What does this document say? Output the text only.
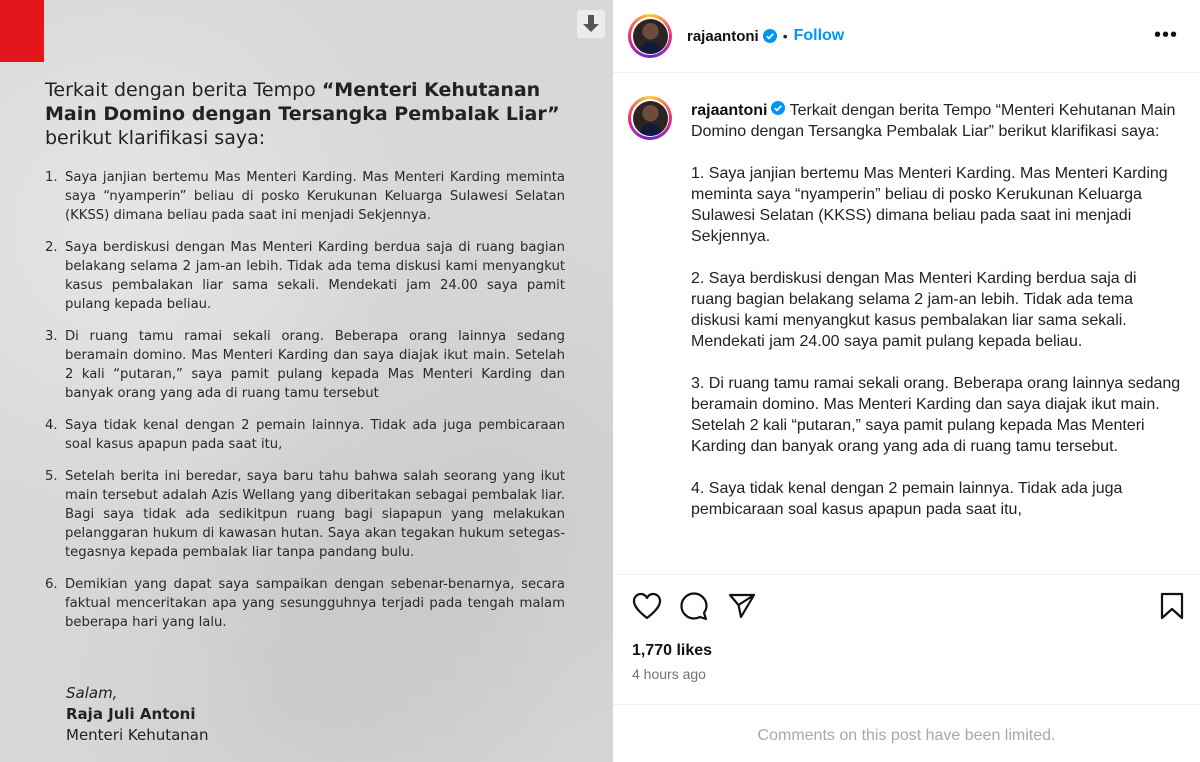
Terkait dengan berita Tempo “Menteri Kehutanan Main Domino dengan Tersangka Pembalak Liar” berikut klarifikasi saya:
1. Saya janjian bertemu Mas Menteri Karding. Mas Menteri Karding meminta saya “nyamperin” beliau di posko Kerukunan Keluarga Sulawesi Selatan (KKSS) dimana beliau pada saat ini menjadi Sekjennya.
2. Saya berdiskusi dengan Mas Menteri Karding berdua saja di ruang bagian belakang selama 2 jam-an lebih. Tidak ada tema diskusi kami menyangkut kasus pembalakan liar sama sekali. Mendekati jam 24.00 saya pamit pulang kepada beliau.
3. Di ruang tamu ramai sekali orang. Beberapa orang lainnya sedang beramain domino. Mas Menteri Karding dan saya diajak ikut main. Setelah 2 kali “putaran,” saya pamit pulang kepada Mas Menteri Karding dan banyak orang yang ada di ruang tamu tersebut
4. Saya tidak kenal dengan 2 pemain lainnya. Tidak ada juga pembicaraan soal kasus apapun pada saat itu,
5. Setelah berita ini beredar, saya baru tahu bahwa salah seorang yang ikut main tersebut adalah Azis Wellang yang diberitakan sebagai pembalak liar. Bagi saya tidak ada sedikitpun ruang bagi siapapun yang melakukan pelanggaran hukum di kawasan hutan. Saya akan tegakan hukum setegas-tegasnya kepada pembalak liar tanpa pandang bulu.
6. Demikian yang dapat saya sampaikan dengan sebenar-benarnya, secara faktual menceritakan apa yang sesungguhnya terjadi pada tengah malam beberapa hari yang lalu.
Salam,
Raja Juli Antoni
Menteri Kehutanan
rajaantoni • Follow	•••

rajaantoni
Terkait dengan berita Tempo “Menteri Kehutanan Main Domino dengan Tersangka Pembalak Liar” berikut klarifikasi saya:

1. Saya janjian bertemu Mas Menteri Karding. Mas Menteri Karding meminta saya “nyamperin” beliau di posko Kerukunan Keluarga Sulawesi Selatan (KKSS) dimana beliau pada saat ini menjadi Sekjennya.

2. Saya berdiskusi dengan Mas Menteri Karding berdua saja di ruang bagian belakang selama 2 jam-an lebih. Tidak ada tema diskusi kami menyangkut kasus pembalakan liar sama sekali. Mendekati jam 24.00 saya pamit pulang kepada beliau.

3. Di ruang tamu ramai sekali orang. Beberapa orang lainnya sedang beramain domino. Mas Menteri Karding dan saya diajak ikut main. Setelah 2 kali “putaran,” saya pamit pulang kepada Mas Menteri Karding dan banyak orang yang ada di ruang tamu tersebut.

4. Saya tidak kenal dengan 2 pemain lainnya. Tidak ada juga pembicaraan soal kasus apapun pada saat itu,

1,770 likes
4 hours ago
Comments on this post have been limited.
